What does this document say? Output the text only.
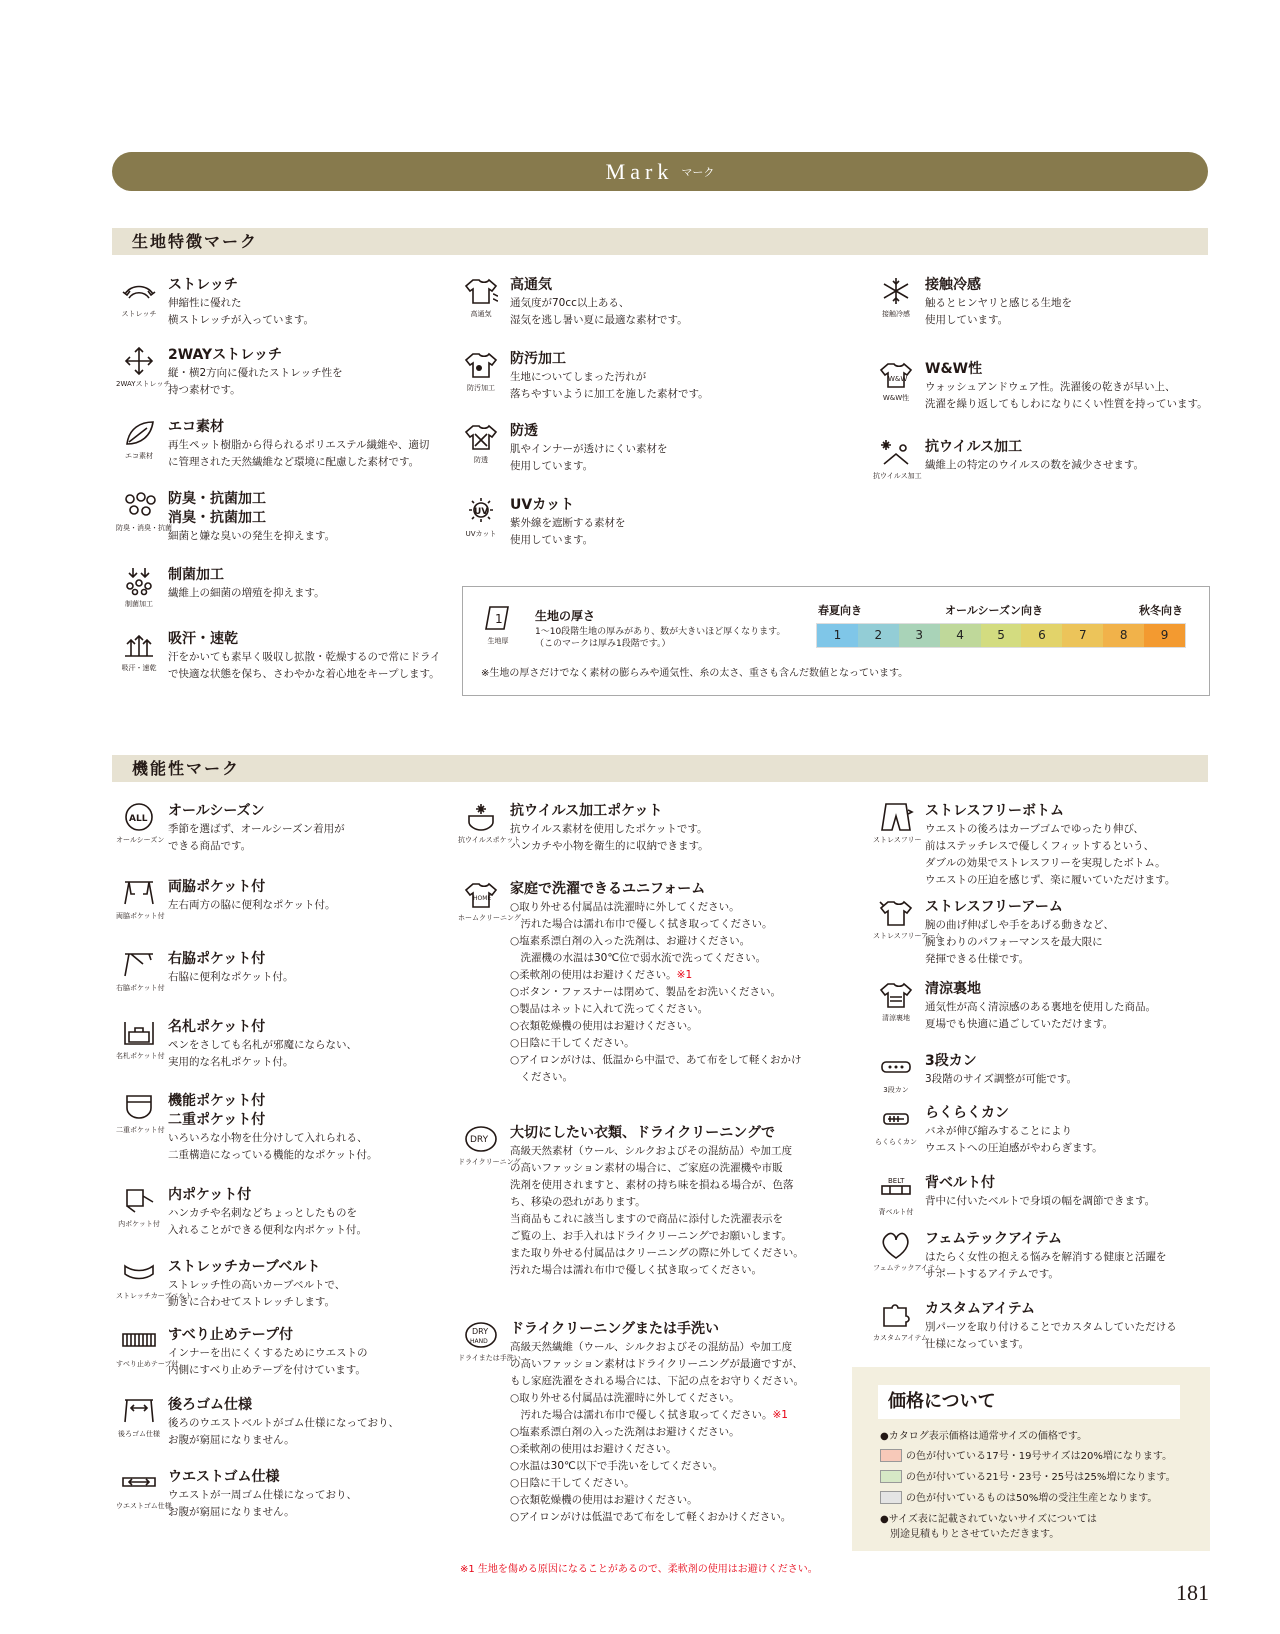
Mark マーク
生地特徴マーク
機能性マーク
ストレッチ
ストレッチ
伸縮性に優れた
横ストレッチが入っています。
2WAYストレッチ
2WAYストレッチ
縦・横2方向に優れたストレッチ性を
持つ素材です。
エコ素材
エコ素材
再生ペット樹脂から得られるポリエステル繊維や、適切
に管理された天然繊維など環境に配慮した素材です。
防臭・消臭・抗菌
防臭・抗菌加工
消臭・抗菌加工
細菌と嫌な臭いの発生を抑えます。
制菌加工
制菌加工
繊維上の細菌の増殖を抑えます。
吸汗・速乾
吸汗・速乾
汗をかいても素早く吸収し拡散・乾燥するので常にドライ
で快適な状態を保ち、さわやかな着心地をキープします。
高通気
高通気
通気度が70cc以上ある、
湿気を逃し暑い夏に最適な素材です。
防汚加工
防汚加工
生地についてしまった汚れが
落ちやすいように加工を施した素材です。
防透
防透
肌やインナーが透けにくい素材を
使用しています。
UV
UVカット
UVカット
紫外線を遮断する素材を
使用しています。
接触冷感
接触冷感
触るとヒンヤリと感じる生地を
使用しています。
W&W
W&W性
W&W性
ウォッシュアンドウェア性。洗濯後の乾きが早い上、
洗濯を繰り返してもしわになりにくい性質を持っています。
抗ウイルス加工
抗ウイルス加工
繊維上の特定のウイルスの数を減少させます。
1
生地厚
生地の厚さ
1〜10段階生地の厚みがあり、数が大きいほど厚くなります。
（このマークは厚み1段階です。）
春夏向き	オールシーズン向き	秋冬向き
1	2	3	4	5	6	7	8	9
※生地の厚さだけでなく素材の膨らみや通気性、糸の太さ、重さも含んだ数値となっています。
ALL
オールシーズン
オールシーズン
季節を選ばず、オールシーズン着用が
できる商品です。
両脇ポケット付
両脇ポケット付
左右両方の脇に便利なポケット付。
右脇ポケット付
右脇ポケット付
右脇に便利なポケット付。
名札ポケット付
名札ポケット付
ペンをさしても名札が邪魔にならない、
実用的な名札ポケット付。
二重ポケット付
機能ポケット付
二重ポケット付
いろいろな小物を仕分けして入れられる、
二重構造になっている機能的なポケット付。
内ポケット付
内ポケット付
ハンカチや名刺などちょっとしたものを
入れることができる便利な内ポケット付。
ストレッチカーブベルト
ストレッチカーブベルト
ストレッチ性の高いカーブベルトで、
動きに合わせてストレッチします。
すべり止めテープ付
すべり止めテープ付
インナーを出にくくするためにウエストの
内側にすべり止めテープを付けています。
後ろゴム仕様
後ろゴム仕様
後ろのウエストベルトがゴム仕様になっており、
お腹が窮屈になりません。
ウエストゴム仕様
ウエストゴム仕様
ウエストが一周ゴム仕様になっており、
お腹が窮屈になりません。
抗ウイルスポケット
抗ウイルス加工ポケット
抗ウイルス素材を使用したポケットです。
ハンカチや小物を衛生的に収納できます。
HOME
ホームクリーニング
家庭で洗濯できるユニフォーム
○取り外せる付属品は洗濯時に外してください。
　汚れた場合は濡れ布巾で優しく拭き取ってください。
○塩素系漂白剤の入った洗剤は、お避けください。
　洗濯機の水温は30℃位で弱水流で洗ってください。
○柔軟剤の使用はお避けください。※1
○ボタン・ファスナーは閉めて、製品をお洗いください。
○製品はネットに入れて洗ってください。
○衣類乾燥機の使用はお避けください。
○日陰に干してください。
○アイロンがけは、低温から中温で、あて布をして軽くおかけ
　ください。
DRY
ドライクリーニング
大切にしたい衣類、ドライクリーニングで
高級天然素材（ウール、シルクおよびその混紡品）や加工度
の高いファッション素材の場合に、ご家庭の洗濯機や市販
洗剤を使用されますと、素材の持ち味を損ねる場合が、色落
ち、移染の恐れがあります。
当商品もこれに該当しますので商品に添付した洗濯表示を
ご覧の上、お手入れはドライクリーニングでお願いします。
また取り外せる付属品はクリーニングの際に外してください。
汚れた場合は濡れ布巾で優しく拭き取ってください。
DRY
HAND
ドライまたは手洗い
ドライクリーニングまたは手洗い
高級天然繊維（ウール、シルクおよびその混紡品）や加工度
の高いファッション素材はドライクリーニングが最適ですが、
もし家庭洗濯をされる場合には、下記の点をお守りください。
○取り外せる付属品は洗濯時に外してください。
　汚れた場合は濡れ布巾で優しく拭き取ってください。※1
○塩素系漂白剤の入った洗剤はお避けください。
○柔軟剤の使用はお避けください。
○水温は30℃以下で手洗いをしてください。
○日陰に干してください。
○衣類乾燥機の使用はお避けください。
○アイロンがけは低温であて布をして軽くおかけください。
ストレスフリー
ストレスフリーボトム
ウエストの後ろはカーブゴムでゆったり伸び、
前はステッチレスで優しくフィットするという、
ダブルの効果でストレスフリーを実現したボトム。
ウエストの圧迫を感じず、楽に履いていただけます。
ストレスフリーアーム
ストレスフリーアーム
腕の曲げ伸ばしや手をあげる動きなど、
腕まわりのパフォーマンスを最大限に
発揮できる仕様です。
清涼裏地
清涼裏地
通気性が高く清涼感のある裏地を使用した商品。
夏場でも快適に過ごしていただけます。
3段カン
3段カン
3段階のサイズ調整が可能です。
らくらくカン
らくらくカン
バネが伸び縮みすることにより
ウエストへの圧迫感がやわらぎます。
BELT
背ベルト付
背ベルト付
背中に付いたベルトで身頃の幅を調節できます。
フェムテックアイテム
フェムテックアイテム
はたらく女性の抱える悩みを解消する健康と活躍を
サポートするアイテムです。
カスタムアイテム
カスタムアイテム
別パーツを取り付けることでカスタムしていただける
仕様になっています。
価格について
●カタログ表示価格は通常サイズの価格です。
の色が付いている17号・19号サイズは20%増になります。
の色が付いている21号・23号・25号は25%増になります。
の色が付いているものは50%増の受注生産となります。
●サイズ表に記載されていないサイズについては
　別途見積もりとさせていただきます。
※1 生地を傷める原因になることがあるので、柔軟剤の使用はお避けください。
181
